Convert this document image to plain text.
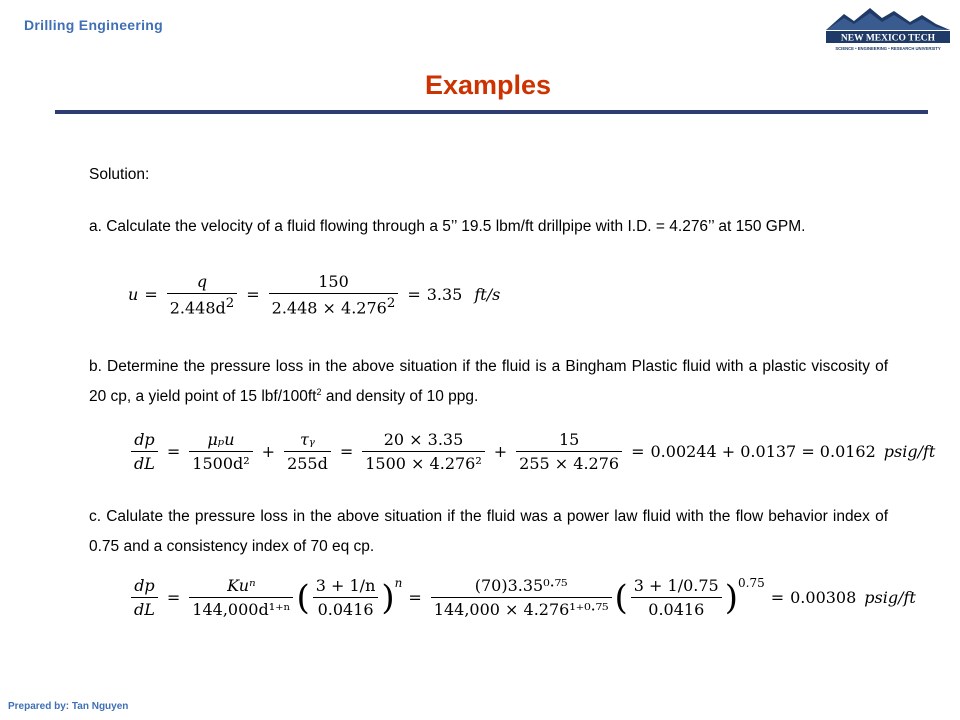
Drilling Engineering
NEW MEXICO TECH
SCIENCE • ENGINEERING • RESEARCH UNIVERSITY
Examples
Solution:
a. Calculate the velocity of a fluid flowing through a 5’’ 19.5 lbm/ft drillpipe with I.D. = 4.276’’ at 150 GPM.
$u = \frac{q}{2.448d^2} = \frac{150}{2.448 \times 4.276^2} = 3.35$ ft/s
b. Determine the pressure loss in the above situation if the fluid is a Bingham Plastic fluid with a plastic viscosity of 20 cp, a yield point of 15 lbf/$100ft^2$ and density of 10 ppg.
$\frac{dp}{dL} = \frac{\text{μₚu}}{\text{1500d²}} + \frac{\text{τᵧ}}{255d} = \frac{20 \times 3.35}{\text{1500 × 4.276²}} + \frac{15}{255 \times 4.276} = 0.00244 + 0.0137 = 0.0162$ psig/ft
c. Calulate the pressure loss in the above situation if the fluid was a power law fluid with the flow behavior index of 0.75 and a consistency index of 70 eq cp.
$\frac{dp}{dL} = \frac{\text{Kuⁿ}}{\text{144,000d¹⁺ⁿ}}$ ( $\frac{3 + 1/n}{0.0416} )^n$
= $\frac{\text{(70)3.35⁰·⁷⁵}}{\text{144,000 × 4.276¹⁺⁰·⁷⁵}}$ ( $\frac{3 + 1/0.75}{0.0416} )^{0.75}$
= 0.00308 psig/ft
Prepared by: Tan Nguyen
